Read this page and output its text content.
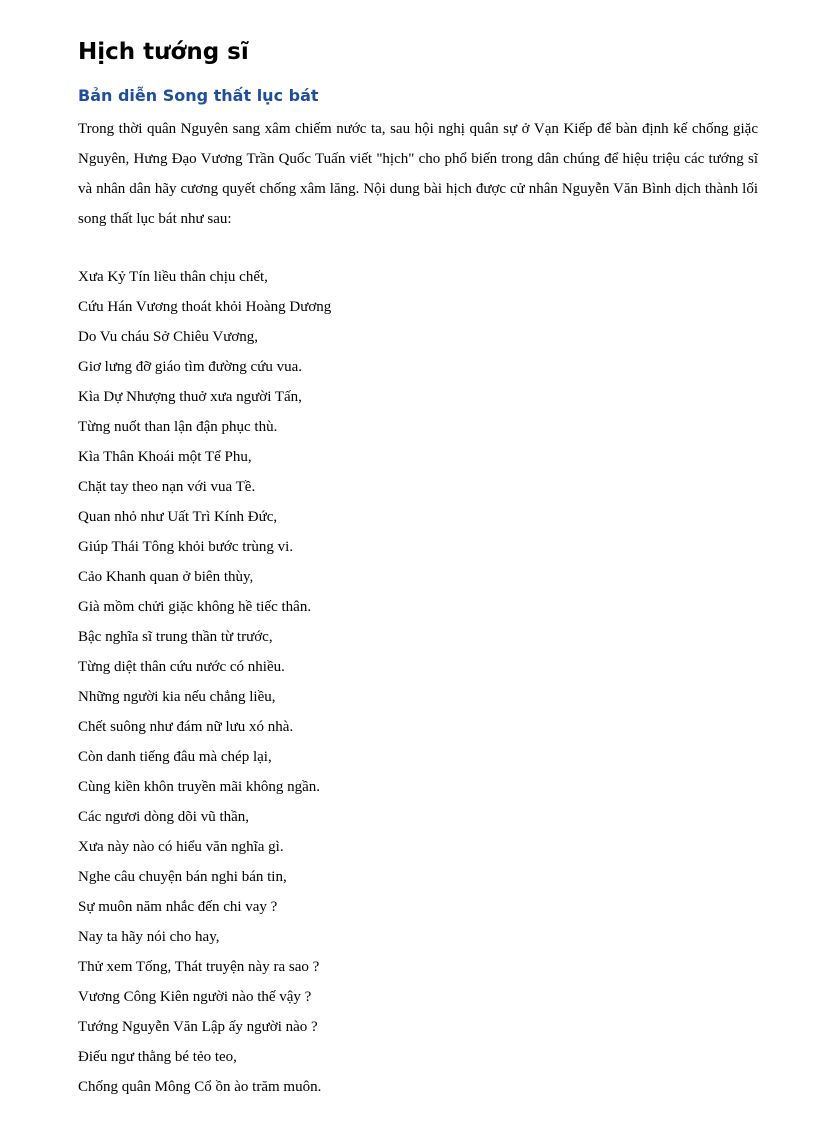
Hịch tướng sĩ
Bản diễn Song thất lục bát

Trong thời quân Nguyên sang xâm chiếm nước ta, sau hội nghị quân sự ở Vạn Kiếp để bàn định kế chống giặc Nguyên, Hưng Đạo Vương Trần Quốc Tuấn viết "hịch" cho phổ biến trong dân chúng để hiệu triệu các tướng sĩ và nhân dân hãy cương quyết chống xâm lăng. Nội dung bài hịch được cử nhân Nguyễn Văn Bình dịch thành lối song thất lục bát như sau:

Xưa Kỷ Tín liều thân chịu chết,
Cứu Hán Vương thoát khỏi Hoàng Dương
Do Vu cháu Sở Chiêu Vương,
Giơ lưng đỡ giáo tìm đường cứu vua.
Kìa Dự Nhượng thuở xưa người Tấn,
Từng nuốt than lận đận phục thù.
Kìa Thân Khoái một Tể Phu,
Chặt tay theo nạn với vua Tề.
Quan nhỏ như Uất Trì Kính Đức,
Giúp Thái Tông khỏi bước trùng vi.
Cảo Khanh quan ở biên thùy,
Già mồm chửi giặc không hề tiếc thân.
Bậc nghĩa sĩ trung thần từ trước,
Từng diệt thân cứu nước có nhiều.
Những người kia nếu chẳng liều,
Chết suông như đám nữ lưu xó nhà.
Còn danh tiếng đâu mà chép lại,
Cùng kiền khôn truyền mãi không ngần.
Các ngươi dòng dõi vũ thần,
Xưa này nào có hiểu văn nghĩa gì.
Nghe câu chuyện bán nghi bán tin,
Sự muôn năm nhắc đến chi vay ?
Nay ta hãy nói cho hay,
Thử xem Tống, Thát truyện này ra sao ?
Vương Công Kiên người nào thế vậy ?
Tướng Nguyễn Văn Lập ấy người nào ?
Điếu ngư thằng bé tẻo teo,
Chống quân Mông Cổ ồn ào trăm muôn.
